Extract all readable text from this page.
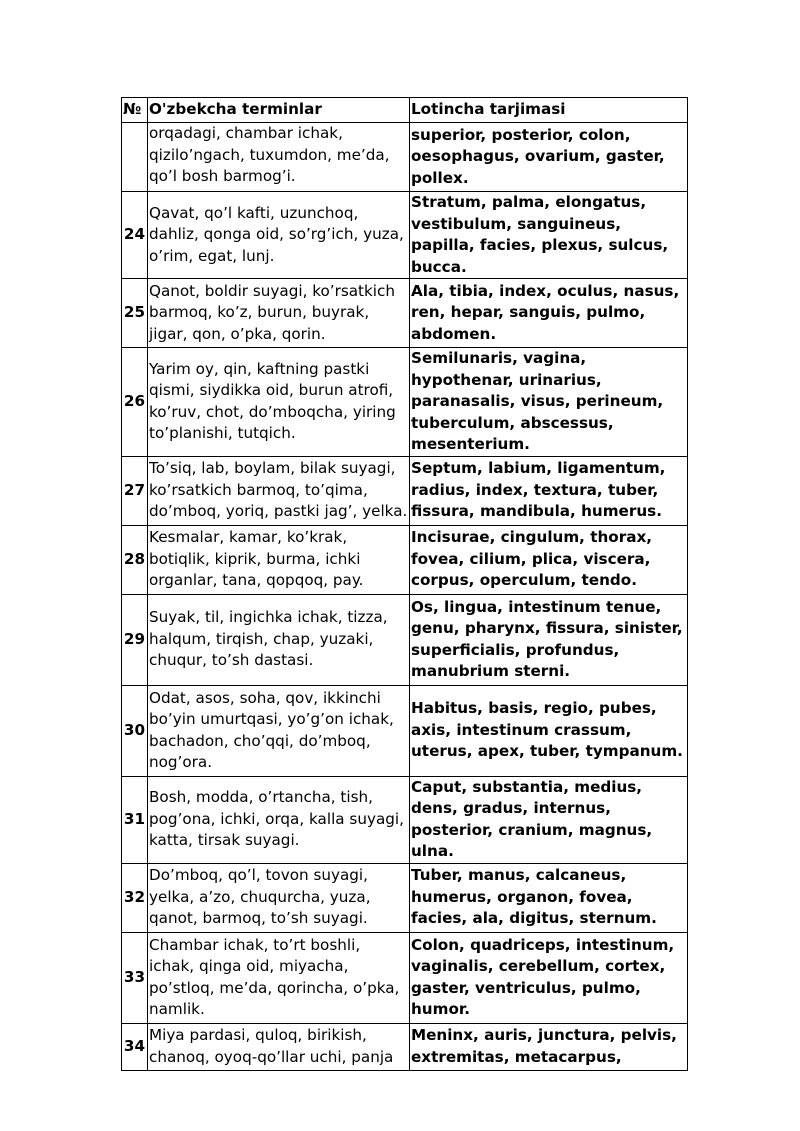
№	O'zbekcha terminlar	Lotincha tarjimasi
	orqadagi, chambar ichak, qizilo’ngach, tuxumdon, me’da, qo’l bosh barmog’i.	superior, posterior, colon, oesophagus, ovarium, gaster, pollex.
24	Qavat, qo’l kafti, uzunchoq, dahliz, qonga oid, so’rg’ich, yuza, o’rim, egat, lunj.	Stratum, palma, elongatus, vestibulum, sanguineus, papilla, facies, plexus, sulcus, bucca.
25	Qanot, boldir suyagi, ko’rsatkich barmoq, ko’z, burun, buyrak, jigar, qon, o’pka, qorin.	Ala, tibia, index, oculus, nasus, ren, hepar, sanguis, pulmo, abdomen.
26	Yarim oy, qin, kaftning pastki qismi, siydikka oid, burun atrofi, ko’ruv, chot, do’mboqcha, yiring to’planishi, tutqich.	Semilunaris, vagina, hypothenar, urinarius, paranasalis, visus, perineum, tuberculum, abscessus, mesenterium.
27	To’siq, lab, boylam, bilak suyagi, ko’rsatkich barmoq, to’qima, do’mboq, yoriq, pastki jag’, yelka.	Septum, labium, ligamentum, radius, index, textura, tuber, fissura, mandibula, humerus.
28	Kesmalar, kamar, ko’krak, botiqlik, kiprik, burma, ichki organlar, tana, qopqoq, pay.	Incisurae, cingulum, thorax, fovea, cilium, plica, viscera, corpus, operculum, tendo.
29	Suyak, til, ingichka ichak, tizza, halqum, tirqish, chap, yuzaki, chuqur, to’sh dastasi.	Os, lingua, intestinum tenue, genu, pharynx, fissura, sinister, superficialis, profundus, manubrium sterni.
30	Odat, asos, soha, qov, ikkinchi bo’yin umurtqasi, yo’g’on ichak, bachadon, cho’qqi, do’mboq, nog’ora.	Habitus, basis, regio, pubes, axis, intestinum crassum, uterus, apex, tuber, tympanum.
31	Bosh, modda, o’rtancha, tish, pog’ona, ichki, orqa, kalla suyagi, katta, tirsak suyagi.	Caput, substantia, medius, dens, gradus, internus, posterior, cranium, magnus, ulna.
32	Do’mboq, qo’l, tovon suyagi, yelka, a’zo, chuqurcha, yuza, qanot, barmoq, to’sh suyagi.	Tuber, manus, calcaneus, humerus, organon, fovea, facies, ala, digitus, sternum.
33	Chambar ichak, to’rt boshli, ichak, qinga oid, miyacha, po’stloq, me’da, qorincha, o’pka, namlik.	Colon, quadriceps, intestinum, vaginalis, cerebellum, cortex, gaster, ventriculus, pulmo, humor.
34	Miya pardasi, quloq, birikish, chanoq, oyoq-qo’llar uchi, panja	Meninx, auris, junctura, pelvis, extremitas, metacarpus,
